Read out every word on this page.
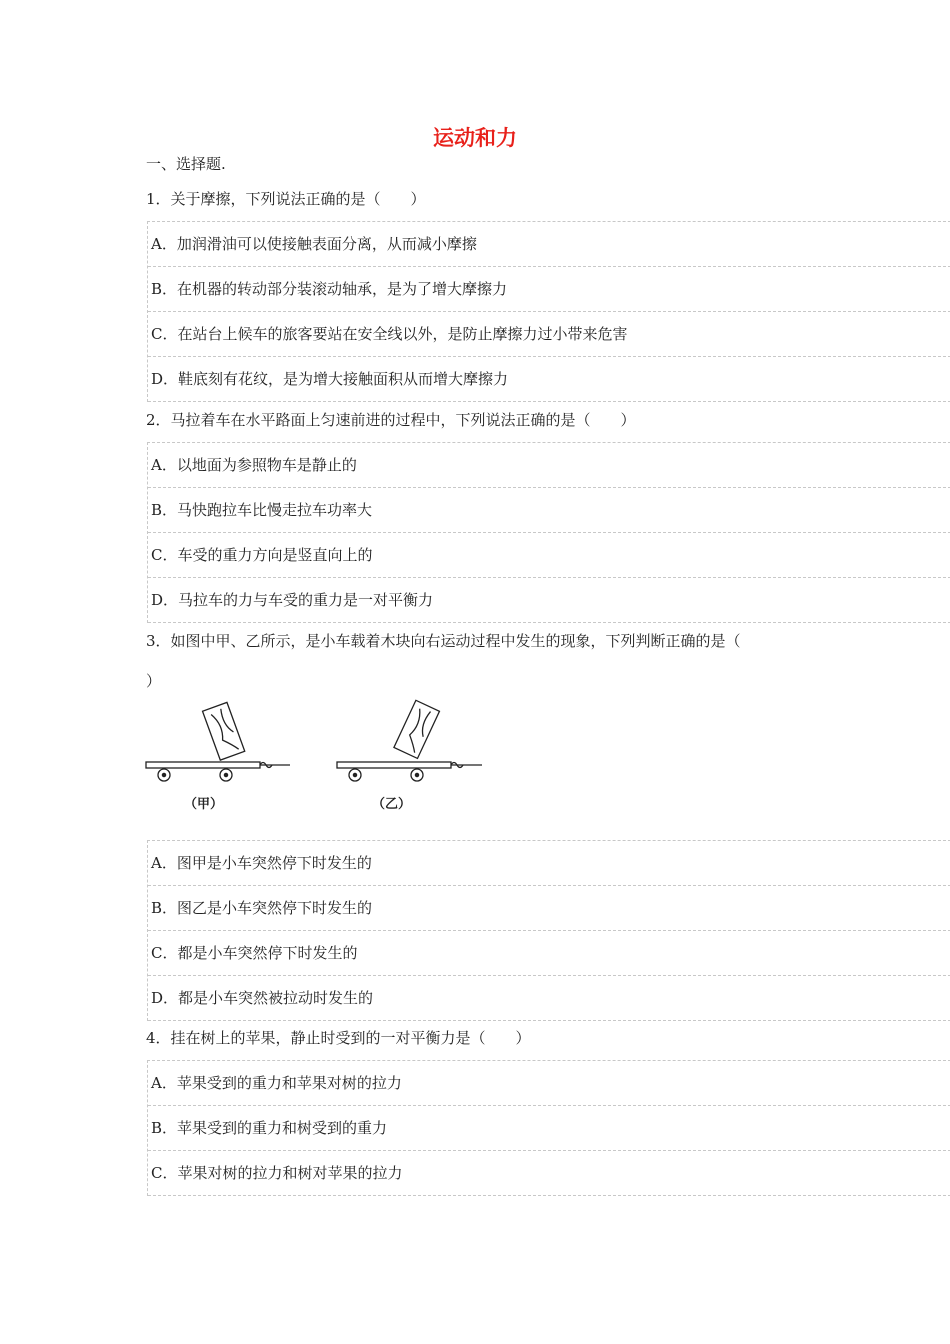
运动和力
一、选择题.
1．关于摩擦，下列说法正确的是（　　）
A．加润滑油可以使接触表面分离，从而减小摩擦
B．在机器的转动部分装滚动轴承，是为了增大摩擦力
C．在站台上候车的旅客要站在安全线以外，是防止摩擦力过小带来危害
D．鞋底刻有花纹，是为增大接触面积从而增大摩擦力
2．马拉着车在水平路面上匀速前进的过程中，下列说法正确的是（　　）
A．以地面为参照物车是静止的
B．马快跑拉车比慢走拉车功率大
C．车受的重力方向是竖直向上的
D．马拉车的力与车受的重力是一对平衡力
3．如图中甲、乙所示，是小车载着木块向右运动过程中发生的现象，下列判断正确的是（
）
（甲）	（乙）
A．图甲是小车突然停下时发生的
B．图乙是小车突然停下时发生的
C．都是小车突然停下时发生的
D．都是小车突然被拉动时发生的
4．挂在树上的苹果，静止时受到的一对平衡力是（　　）
A．苹果受到的重力和苹果对树的拉力
B．苹果受到的重力和树受到的重力
C．苹果对树的拉力和树对苹果的拉力
